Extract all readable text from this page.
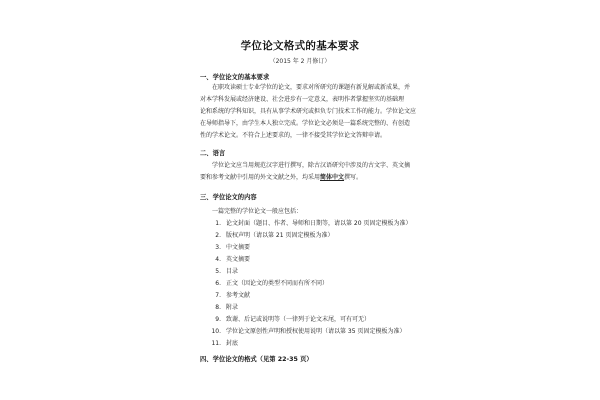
学位论文格式的基本要求
（2015 年 2 月修订）
一、学位论文的基本要求
在职攻读硕士专业学位的论文，要求对所研究的课题有新见解或新成果，并
对本学科发展或经济建设、社会进步有一定意义，表明作者掌握坚实的基础理
论和系统的学科知识，具有从事学术研究或担负专门技术工作的能力。学位论文应
在导师指导下，由学生本人独立完成。学位论文必须是一篇系统完整的、有创造
性的学术论文。不符合上述要求的，一律不接受其学位论文答辩申请。
二、语言
学位论文应当用规范汉字进行撰写，除古汉语研究中涉及的古文字、英文摘
要和参考文献中引用的外文文献之外，均采用简体中文撰写。
三、学位论文的内容
一篇完整的学位论文一般应包括：
1. 论文封面（题目、作者、导师和日期等，请以第 20 页固定模板为准）
2. 版权声明（请以第 21 页固定模板为准）
3. 中文摘要
4. 英文摘要
5. 目录
6. 正文（因论文的类型不同而有所不同）
7. 参考文献
8. 附录
9. 致谢、后记或说明等（一律列于论文末尾，可有可无）
10. 学位论文原创性声明和授权使用说明（请以第 35 页固定模板为准）
11. 封底
四、学位论文的格式（见第 22-35 页）
